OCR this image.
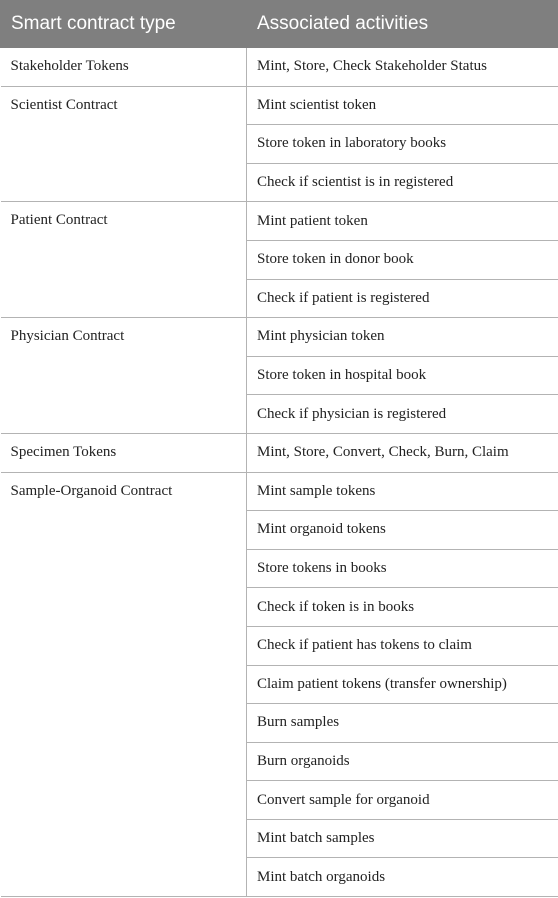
Smart contract type	Associated activities
Stakeholder Tokens	Mint, Store, Check Stakeholder Status
Scientist Contract	Mint scientist token
	Store token in laboratory books
	Check if scientist is in registered
Patient Contract	Mint patient token
	Store token in donor book
	Check if patient is registered
Physician Contract	Mint physician token
	Store token in hospital book
	Check if physician is registered
Specimen Tokens	Mint, Store, Convert, Check, Burn, Claim
Sample-Organoid Contract	Mint sample tokens
	Mint organoid tokens
	Store tokens in books
	Check if token is in books
	Check if patient has tokens to claim
	Claim patient tokens (transfer ownership)
	Burn samples
	Burn organoids
	Convert sample for organoid
	Mint batch samples
	Mint batch organoids
